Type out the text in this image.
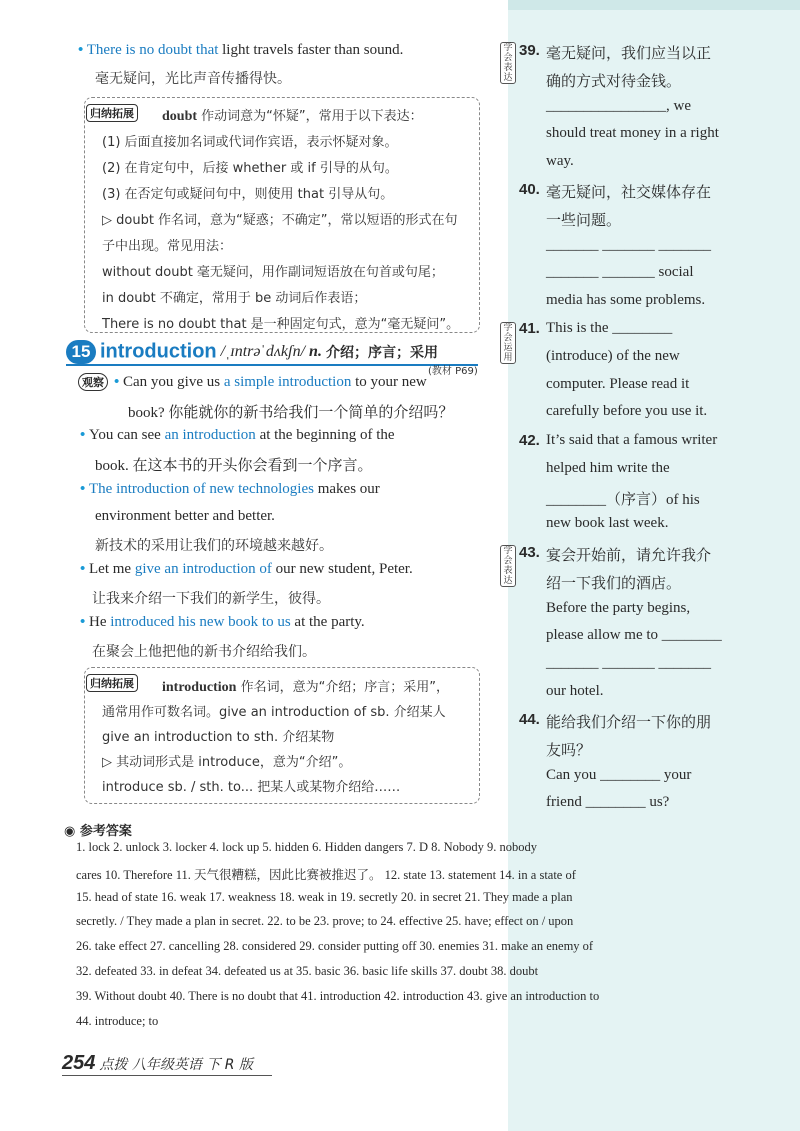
• There is no doubt that light travels faster than sound.
毫无疑问，光比声音传播得快。
归纳拓展 doubt 作动词意为“怀疑”，常用于以下表达：
(1) 后面直接加名词或代词作宾语，表示怀疑对象。
(2) 在肯定句中，后接 whether 或 if 引导的从句。
(3) 在否定句或疑问句中，则使用 that 引导从句。
▷ doubt 作名词，意为“疑惑；不确定”，常以短语的形式在句
子中出现。常见用法：
without doubt 毫无疑问，用作副词短语放在句首或句尾；
in doubt 不确定，常用于 be 动词后作表语；
There is no doubt that 是一种固定句式，意为“毫无疑问”。
15 introduction /ˌɪntrəˈdʌkʃn/ n. 介绍；序言；采用
(教材 P69)
观察 • Can you give us a simple introduction to your new
book? 你能就你的新书给我们一个简单的介绍吗？
• You can see an introduction at the beginning of the
book. 在这本书的开头你会看到一个序言。
• The introduction of new technologies makes our
environment better and better.
新技术的采用让我们的环境越来越好。
• Let me give an introduction of our new student, Peter.
让我来介绍一下我们的新学生，彼得。
• He introduced his new book to us at the party.
在聚会上他把他的新书介绍给我们。
归纳拓展 introduction 作名词，意为“介绍；序言；采用”，
通常用作可数名词。give an introduction of sb. 介绍某人
give an introduction to sth. 介绍某物
▷ 其动词形式是 introduce，意为“介绍”。
introduce sb. / sth. to... 把某人或某物介绍给……
学会表达
学会运用
学会表达
39. 毫无疑问，我们应当以正
确的方式对待金钱。
________________, we
should treat money in a right
way.
40. 毫无疑问，社交媒体存在
一些问题。
_______ _______ _______
_______ _______ social
media has some problems.
41. This is the ________
(introduce) of the new
computer. Please read it
carefully before you use it.
42. It’s said that a famous writer
helped him write the
________（序言）of his
new book last week.
43. 宴会开始前，请允许我介
绍一下我们的酒店。
Before the party begins,
please allow me to ________
_______ _______ _______
our hotel.
44. 能给我们介绍一下你的朋
友吗？
Can you ________ your
friend ________ us?
◉ 参考答案
1. lock 2. unlock 3. locker 4. lock up 5. hidden 6. Hidden dangers 7. D 8. Nobody 9. nobody
cares 10. Therefore 11. 天气很糟糕，因此比赛被推迟了。 12. state 13. statement 14. in a state of
15. head of state 16. weak 17. weakness 18. weak in 19. secretly 20. in secret 21. They made a plan
secretly. / They made a plan in secret. 22. to be 23. prove; to 24. effective 25. have; effect on / upon
26. take effect 27. cancelling 28. considered 29. consider putting off 30. enemies 31. make an enemy of
32. defeated 33. in defeat 34. defeated us at 35. basic 36. basic life skills 37. doubt 38. doubt
39. Without doubt 40. There is no doubt that 41. introduction 42. introduction 43. give an introduction to
44. introduce; to
254 点拨 八年级英语 下 R 版
